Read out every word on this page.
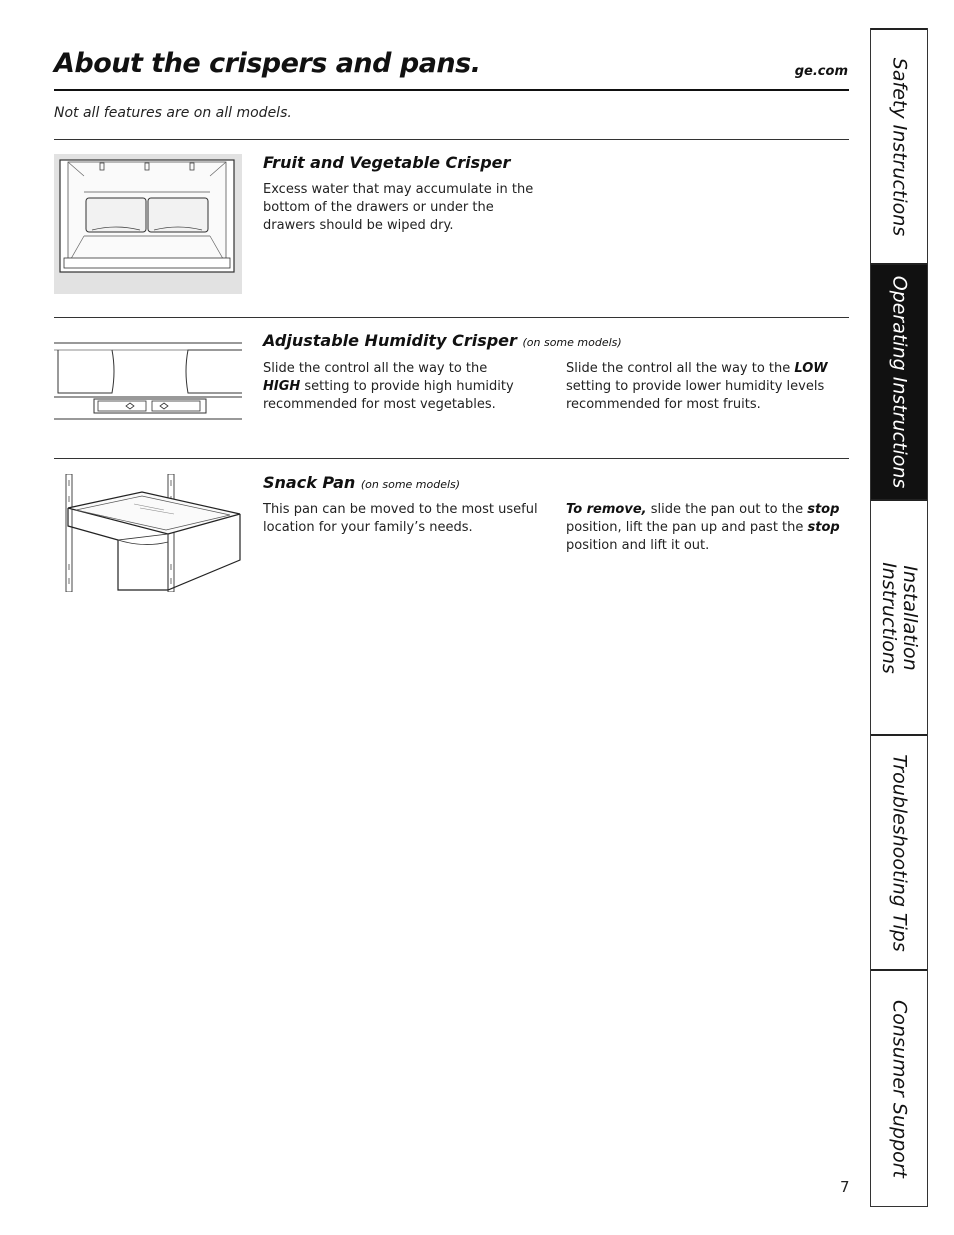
About the crispers and pans.	ge.com
Not all features are on all models.
Fruit and Vegetable Crisper
Excess water that may accumulate in the bottom of the drawers or under the drawers should be wiped dry.
Adjustable Humidity Crisper (on some models)
Slide the control all the way to the
HIGH setting to provide high humidity recommended for most vegetables.
Slide the control all the way to the LOW setting to provide lower humidity levels recommended for most fruits.
Snack Pan (on some models)
This pan can be moved to the most useful location for your family’s needs.
To remove, slide the pan out to the stop position, lift the pan up and past the stop position and lift it out.
Safety Instructions
Operating Instructions
Installation
Instructions
Troubleshooting Tips
Consumer Support
7
